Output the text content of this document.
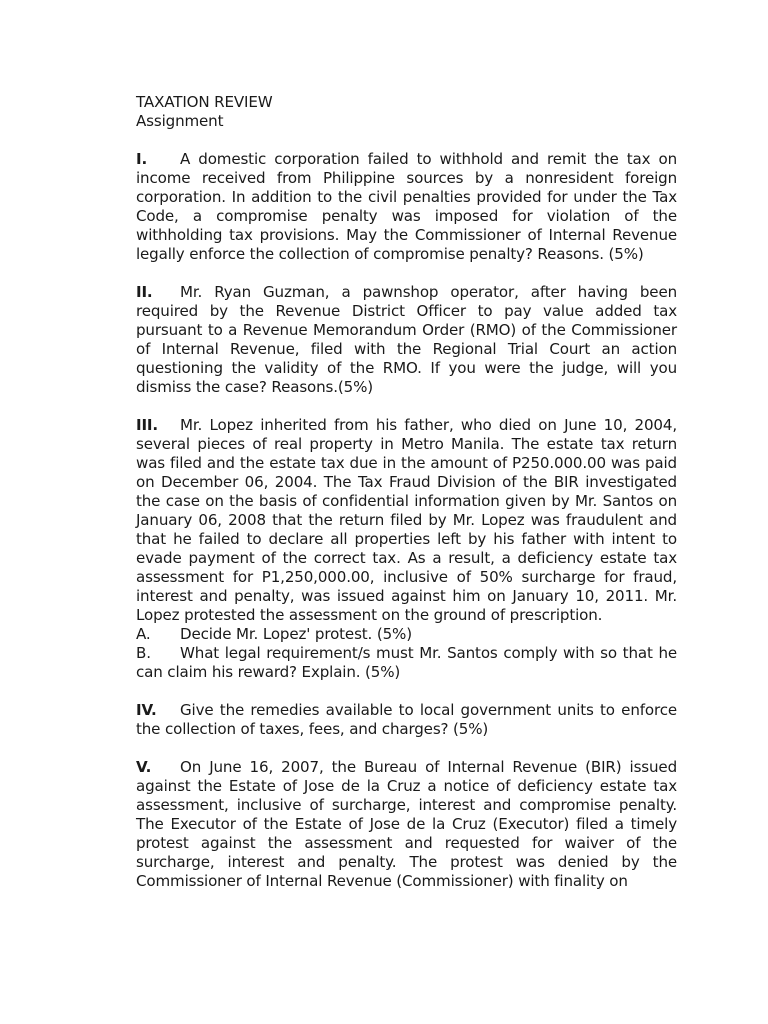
TAXATION REVIEW
Assignment

I. A domestic corporation failed to withhold and remit the tax on income received from Philippine sources by a nonresident foreign corporation. In addition to the civil penalties provided for under the Tax Code, a compromise penalty was imposed for violation of the withholding tax provisions. May the Commissioner of Internal Revenue legally enforce the collection of compromise penalty? Reasons. (5%)

II. Mr. Ryan Guzman, a pawnshop operator, after having been required by the Revenue District Officer to pay value added tax pursuant to a Revenue Memorandum Order (RMO) of the Commissioner of Internal Revenue, filed with the Regional Trial Court an action questioning the validity of the RMO. If you were the judge, will you dismiss the case? Reasons.(5%)

III. Mr. Lopez inherited from his father, who died on June 10, 2004, several pieces of real property in Metro Manila. The estate tax return was filed and the estate tax due in the amount of P250.000.00 was paid on December 06, 2004. The Tax Fraud Division of the BIR investigated the case on the basis of confidential information given by Mr. Santos on January 06, 2008 that the return filed by Mr. Lopez was fraudulent and that he failed to declare all properties left by his father with intent to evade payment of the correct tax. As a result, a deficiency estate tax assessment for P1,250,000.00, inclusive of 50% surcharge for fraud, interest and penalty, was issued against him on January 10, 2011. Mr. Lopez protested the assessment on the ground of prescription.

A. Decide Mr. Lopez' protest. (5%)

B. What legal requirement/s must Mr. Santos comply with so that he can claim his reward? Explain. (5%)

IV. Give the remedies available to local government units to enforce the collection of taxes, fees, and charges? (5%)

V. On June 16, 2007, the Bureau of Internal Revenue (BIR) issued against the Estate of Jose de la Cruz a notice of deficiency estate tax assessment, inclusive of surcharge, interest and compromise penalty. The Executor of the Estate of Jose de la Cruz (Executor) filed a timely protest against the assessment and requested for waiver of the surcharge, interest and penalty. The protest was denied by the Commissioner of Internal Revenue (Commissioner) with finality on
